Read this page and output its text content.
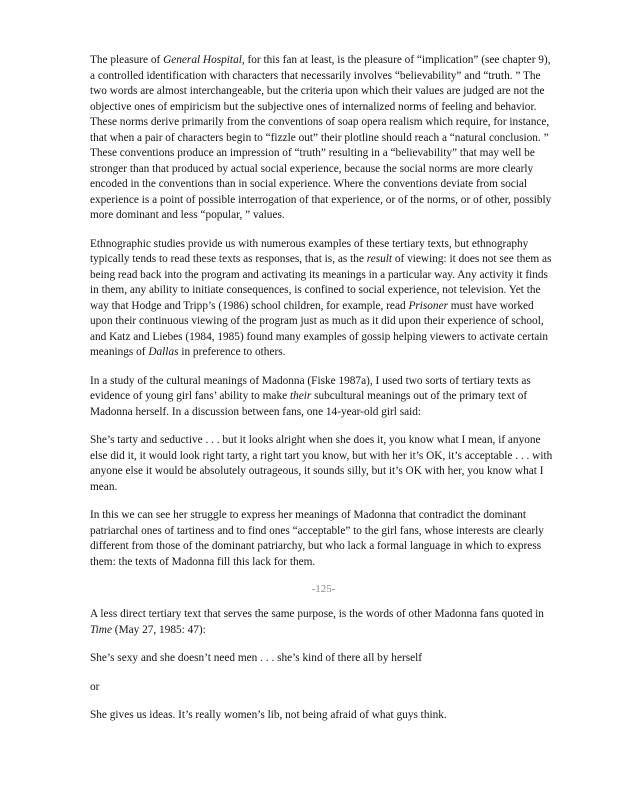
The pleasure of General Hospital, for this fan at least, is the pleasure of “implication” (see chapter 9), a controlled identification with characters that necessarily involves “believability” and “truth. ” The two words are almost interchangeable, but the criteria upon which their values are judged are not the objective ones of empiricism but the subjective ones of internalized norms of feeling and behavior. These norms derive primarily from the conventions of soap opera realism which require, for instance, that when a pair of characters begin to “fizzle out” their plotline should reach a “natural conclusion. ” These conventions produce an impression of “truth” resulting in a “believability” that may well be stronger than that produced by actual social experience, because the social norms are more clearly encoded in the conventions than in social experience. Where the conventions deviate from social experience is a point of possible interrogation of that experience, or of the norms, or of other, possibly more dominant and less “popular, ” values.

Ethnographic studies provide us with numerous examples of these tertiary texts, but ethnography typically tends to read these texts as responses, that is, as the result of viewing: it does not see them as being read back into the program and activating its meanings in a particular way. Any activity it finds in them, any ability to initiate consequences, is confined to social experience, not television. Yet the way that Hodge and Tripp’s (1986) school children, for example, read Prisoner must have worked upon their continuous viewing of the program just as much as it did upon their experience of school, and Katz and Liebes (1984, 1985) found many examples of gossip helping viewers to activate certain meanings of Dallas in preference to others.

In a study of the cultural meanings of Madonna (Fiske 1987a), I used two sorts of tertiary texts as evidence of young girl fans’ ability to make their subcultural meanings out of the primary text of Madonna herself. In a discussion between fans, one 14-year-old girl said:

She’s tarty and seductive . . . but it looks alright when she does it, you know what I mean, if anyone else did it, it would look right tarty, a right tart you know, but with her it’s OK, it’s acceptable . . . with anyone else it would be absolutely outrageous, it sounds silly, but it’s OK with her, you know what I mean.

In this we can see her struggle to express her meanings of Madonna that contradict the dominant patriarchal ones of tartiness and to find ones “acceptable” to the girl fans, whose interests are clearly different from those of the dominant patriarchy, but who lack a formal language in which to express them: the texts of Madonna fill this lack for them.

-125-

A less direct tertiary text that serves the same purpose, is the words of other Madonna fans quoted in Time (May 27, 1985: 47):

She’s sexy and she doesn’t need men . . . she’s kind of there all by herself

or

She gives us ideas. It’s really women’s lib, not being afraid of what guys think.
